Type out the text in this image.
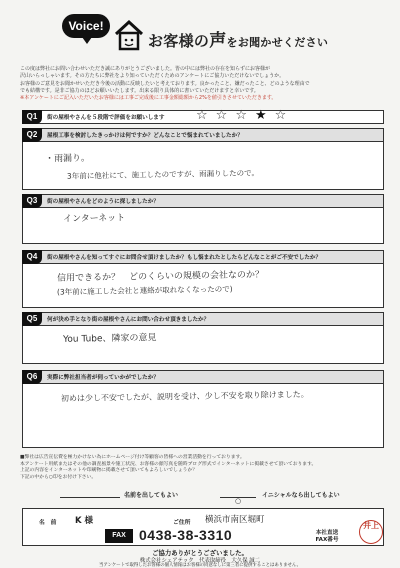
Voice!
お客様の声をお聞かせください
この度は弊社にお問い合わせいただき誠にありがとうございました。皆の中には弊社の存在を知らずにお客様が
沢山いらっしゃいます。その方たちに弊社をより知っていただくためのアンケートにご協力いただけないでしょうか。
お客様のご意見をお聞かせいただき今後の活動に反映したいと考えております。良かったこと、嫌だったこと、どのような理由で
でも結構です。是非ご協力のほどお願いいたします。出来る限り具体的に書いていただけますと幸いです。
※本アンケートにご記入いただいたお客様には工事ご完成後に工事金額総額から2%を値引きさせていただきます。
Q1	街の屋根やさんを５段階で評価をお願いします ☆☆☆★☆
Q2	屋根工事を検討したきっかけは何ですか？どんなことで悩まれていましたか？
・雨漏り。
3年前に他社にて、施工したのですが、雨漏りしたので。
Q3	街の屋根やさんをどのように探しましたか？
インターネット
Q4	街の屋根やさんを知ってすぐにお問合せ頂けましたか？もし悩まれたとしたらどんなことがご不安でしたか？
信用できるか？　どのくらいの規模の会社なのか？
(3年前に施工した会社と連絡が取れなくなったので)
Q5	何が決め手となり街の屋根やさんにお問い合わせ頂きましたか？
You Tube、隣家の意見
Q6	実際に弊社担当者が伺っていかがでしたか？
初めは少し不安でしたが、説明を受け、少し不安を取り除けました。
■弊社は広告宣伝費を極力かけない為にホームページ付け等顧客の皆様への営業活動を行っております。
本アンケート用紙またはその他の調査風景や施工状況、お客様の顔写真を随時ブログ形式でインターネットに掲載させて頂いております。
上記の内容をインターネットや印刷物に掲載させて頂いてもよろしいでしょうか？
下記の中から○印をお付け下さい。
名前を出してもよい
○
イニシャルなら出してもよい
名　前 K 様	ご住所 横浜市南区堀町
FAX 0438-38-3310	本社直送
FAX番号
井上
ご協力ありがとうございました。
株式会社シェアテック　代表取締役　大久保 誠二
当アンケートで取得したお客様の個人情報はお客様の同意なしに第三者に提供することはありません。
